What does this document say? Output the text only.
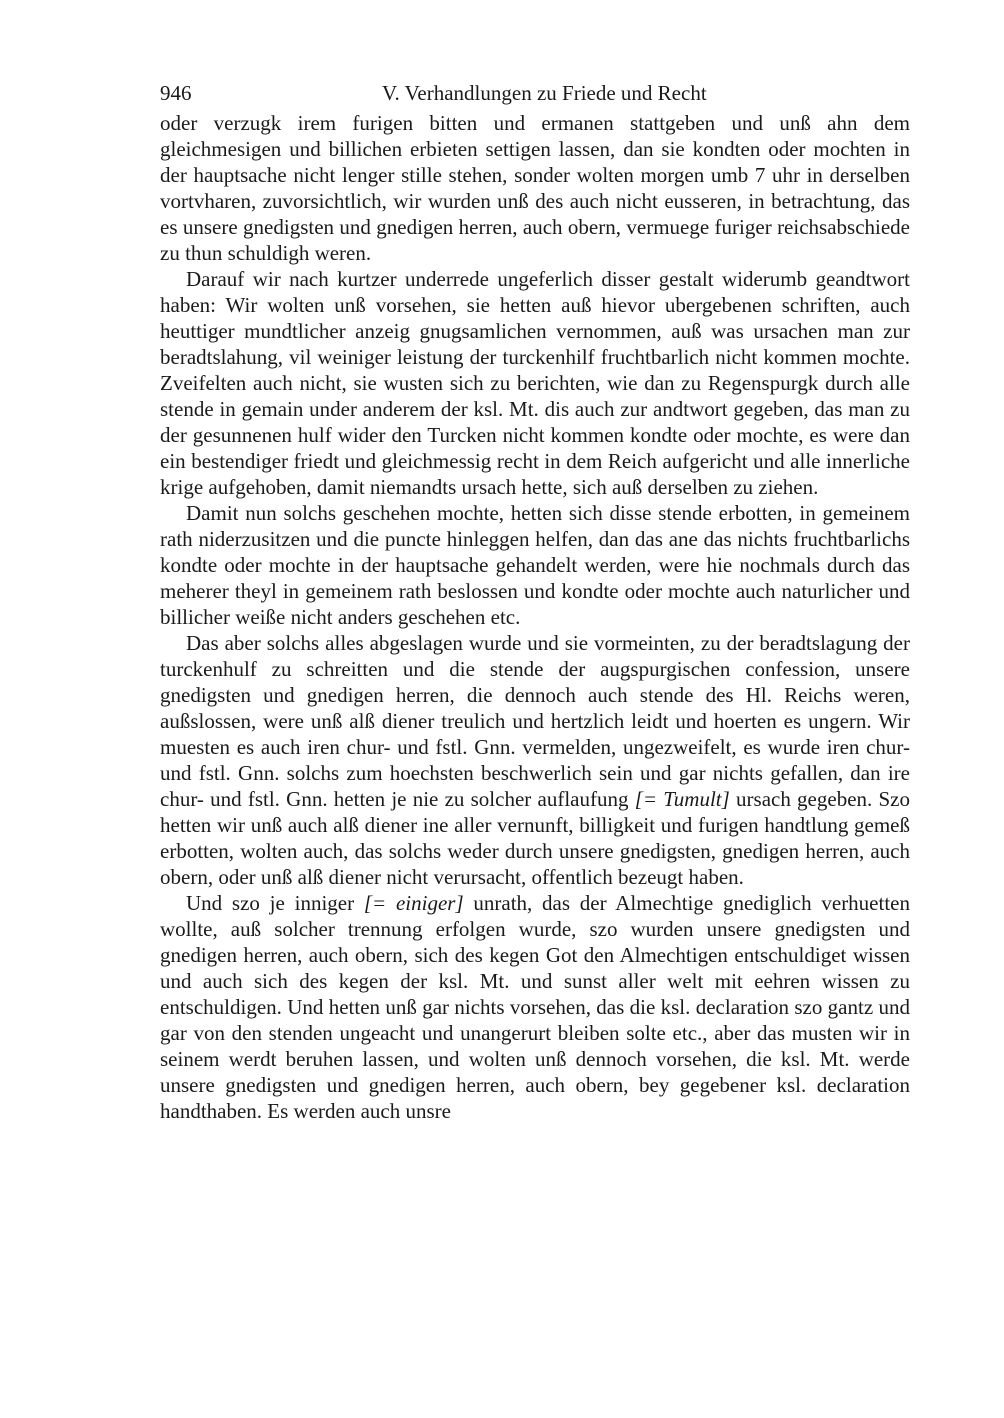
946	V. Verhandlungen zu Friede und Recht

oder verzugk irem furigen bitten und ermanen stattgeben und unß ahn dem gleichmesigen und billichen erbieten settigen lassen, dan sie kondten oder mochten in der hauptsache nicht lenger stille stehen, sonder wolten morgen umb 7 uhr in derselben vortvharen, zuvorsichtlich, wir wurden unß des auch nicht eusseren, in betrachtung, das es unsere gnedigsten und gnedigen herren, auch obern, vermuege furiger reichsabschiede zu thun schuldigh weren.

Darauf wir nach kurtzer underrede ungeferlich disser gestalt widerumb geandtwort haben: Wir wolten unß vorsehen, sie hetten auß hievor ubergebenen schriften, auch heuttiger mundtlicher anzeig gnugsamlichen vernommen, auß was ursachen man zur beradtslahung, vil weiniger leistung der turckenhilf fruchtbarlich nicht kommen mochte. Zveifelten auch nicht, sie wusten sich zu berichten, wie dan zu Regenspurgk durch alle stende in gemain under anderem der ksl. Mt. dis auch zur andtwort gegeben, das man zu der gesunnenen hulf wider den Turcken nicht kommen kondte oder mochte, es were dan ein bestendiger friedt und gleichmessig recht in dem Reich aufgericht und alle innerliche krige aufgehoben, damit niemandts ursach hette, sich auß derselben zu ziehen.

Damit nun solchs geschehen mochte, hetten sich disse stende erbotten, in gemeinem rath niderzusitzen und die puncte hinleggen helfen, dan das ane das nichts fruchtbarlichs kondte oder mochte in der hauptsache gehandelt werden, were hie nochmals durch das meherer theyl in gemeinem rath beslossen und kondte oder mochte auch naturlicher und billicher weiße nicht anders geschehen etc.

Das aber solchs alles abgeslagen wurde und sie vormeinten, zu der beradtslagung der turckenhulf zu schreitten und die stende der augspurgischen confession, unsere gnedigsten und gnedigen herren, die dennoch auch stende des Hl. Reichs weren, außslossen, were unß alß diener treulich und hertzlich leidt und hoerten es ungern. Wir muesten es auch iren chur- und fstl. Gnn. vermelden, ungezweifelt, es wurde iren chur- und fstl. Gnn. solchs zum hoechsten beschwerlich sein und gar nichts gefallen, dan ire chur- und fstl. Gnn. hetten je nie zu solcher auflaufung [= Tumult] ursach gegeben. Szo hetten wir unß auch alß diener ine aller vernunft, billigkeit und furigen handtlung gemeß erbotten, wolten auch, das solchs weder durch unsere gnedigsten, gnedigen herren, auch obern, oder unß alß diener nicht verursacht, offentlich bezeugt haben.

Und szo je inniger [= einiger] unrath, das der Almechtige gnediglich verhuetten wollte, auß solcher trennung erfolgen wurde, szo wurden unsere gnedigsten und gnedigen herren, auch obern, sich des kegen Got den Almechtigen entschuldiget wissen und auch sich des kegen der ksl. Mt. und sunst aller welt mit eehren wissen zu entschuldigen. Und hetten unß gar nichts vorsehen, das die ksl. declaration szo gantz und gar von den stenden ungeacht und unangerurt bleiben solte etc., aber das musten wir in seinem werdt beruhen lassen, und wolten unß dennoch vorsehen, die ksl. Mt. werde unsere gnedigsten und gnedigen herren, auch obern, bey gegebener ksl. declaration handthaben. Es werden auch unsre
